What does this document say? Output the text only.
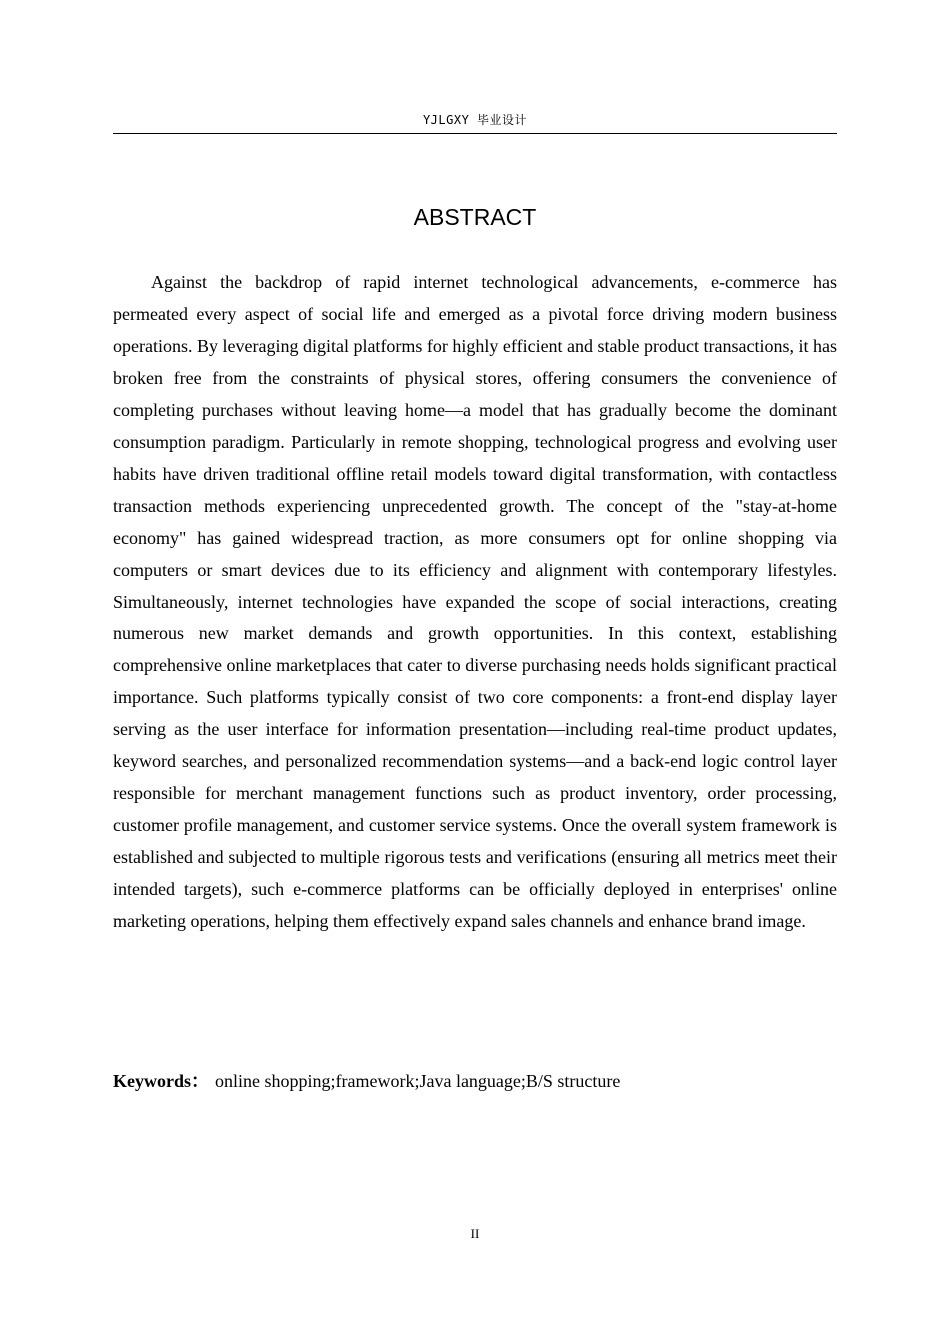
YJLGXY 毕业设计
ABSTRACT

Against the backdrop of rapid internet technological advancements, e-commerce has permeated every aspect of social life and emerged as a pivotal force driving modern business operations. By leveraging digital platforms for highly efficient and stable product transactions, it has broken free from the constraints of physical stores, offering consumers the convenience of completing purchases without leaving home—a model that has gradually become the dominant consumption paradigm. Particularly in remote shopping, technological progress and evolving user habits have driven traditional offline retail models toward digital transformation, with contactless transaction methods experiencing unprecedented growth. The concept of the "stay-at-home economy" has gained widespread traction, as more consumers opt for online shopping via computers or smart devices due to its efficiency and alignment with contemporary lifestyles. Simultaneously, internet technologies have expanded the scope of social interactions, creating numerous new market demands and growth opportunities. In this context, establishing comprehensive online marketplaces that cater to diverse purchasing needs holds significant practical importance. Such platforms typically consist of two core components: a front-end display layer serving as the user interface for information presentation—including real-time product updates, keyword searches, and personalized recommendation systems—and a back-end logic control layer responsible for merchant management functions such as product inventory, order processing, customer profile management, and customer service systems. Once the overall system framework is established and subjected to multiple rigorous tests and verifications (ensuring all metrics meet their intended targets), such e-commerce platforms can be officially deployed in enterprises' online marketing operations, helping them effectively expand sales channels and enhance brand image.

Keywords： online shopping;framework;Java language;B/S structure
II
